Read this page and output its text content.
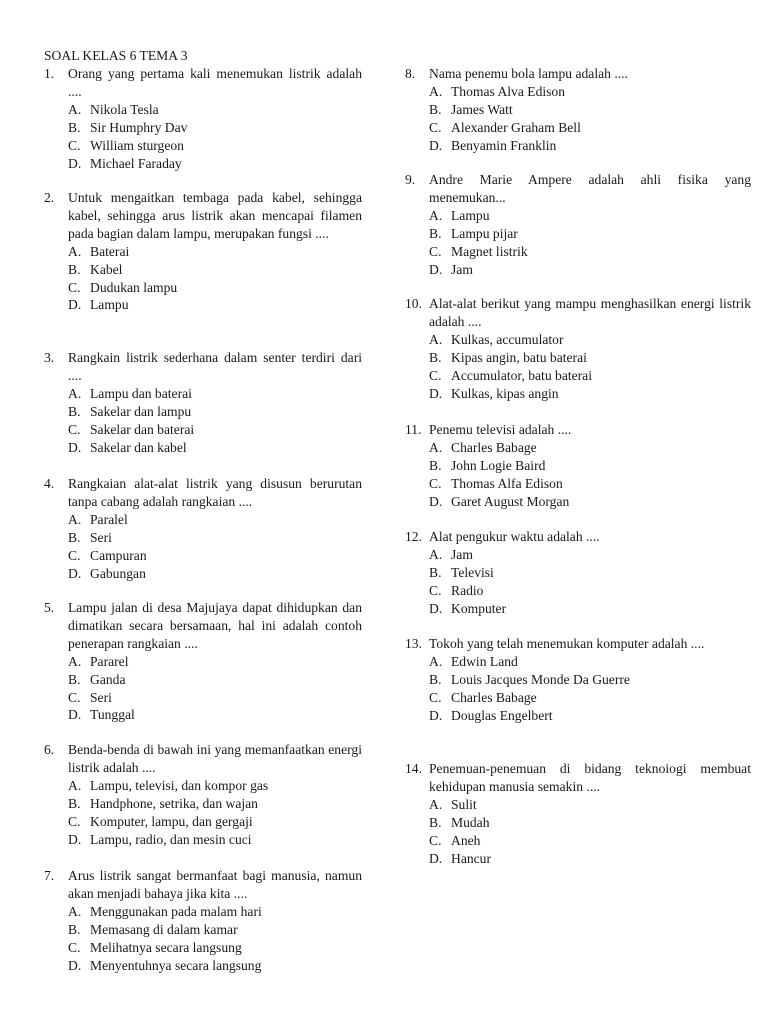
SOAL KELAS 6 TEMA 3
1.	Orang yang pertama kali menemukan listrik adalah ....
A. Nikola Tesla
B. Sir Humphry Dav
C. William sturgeon
D. Michael Faraday
2.	Untuk mengaitkan tembaga pada kabel, sehingga kabel, sehingga arus listrik akan mencapai filamen pada bagian dalam lampu, merupakan fungsi ....
A. Baterai
B. Kabel
C. Dudukan lampu
D. Lampu
3.	Rangkain listrik sederhana dalam senter terdiri dari ....
A. Lampu dan baterai
B. Sakelar dan lampu
C. Sakelar dan baterai
D. Sakelar dan kabel
4.	Rangkaian alat-alat listrik yang disusun berurutan tanpa cabang adalah rangkaian ....
A. Paralel
B. Seri
C. Campuran
D. Gabungan
5.	Lampu jalan di desa Majujaya dapat dihidupkan dan dimatikan secara bersamaan, hal ini adalah contoh penerapan rangkaian ....
A. Pararel
B. Ganda
C. Seri
D. Tunggal
6.	Benda-benda di bawah ini yang memanfaatkan energi listrik adalah ....
A. Lampu, televisi, dan kompor gas
B. Handphone, setrika, dan wajan
C. Komputer, lampu, dan gergaji
D. Lampu, radio, dan mesin cuci
7.	Arus listrik sangat bermanfaat bagi manusia, namun akan menjadi bahaya jika kita ....
A. Menggunakan pada malam hari
B. Memasang di dalam kamar
C. Melihatnya secara langsung
D. Menyentuhnya secara langsung
8.	Nama penemu bola lampu adalah ....
A. Thomas Alva Edison
B. James Watt
C. Alexander Graham Bell
D. Benyamin Franklin
9.	Andre Marie Ampere adalah ahli fisika yang menemukan...
A. Lampu
B. Lampu pijar
C. Magnet listrik
D. Jam
10. Alat-alat berikut yang mampu menghasilkan energi listrik adalah ....
A. Kulkas, accumulator
B. Kipas angin, batu baterai
C. Accumulator, batu baterai
D. Kulkas, kipas angin
11. Penemu televisi adalah ....
A. Charles Babage
B. John Logie Baird
C. Thomas Alfa Edison
D. Garet August Morgan
12. Alat pengukur waktu adalah ....
A. Jam
B. Televisi
C. Radio
D. Komputer
13. Tokoh yang telah menemukan komputer adalah ....
A. Edwin Land
B. Louis Jacques Monde Da Guerre
C. Charles Babage
D. Douglas Engelbert
14. Penemuan-penemuan di bidang teknoiogi membuat kehidupan manusia semakin ....
A. Sulit
B. Mudah
C. Aneh
D. Hancur
